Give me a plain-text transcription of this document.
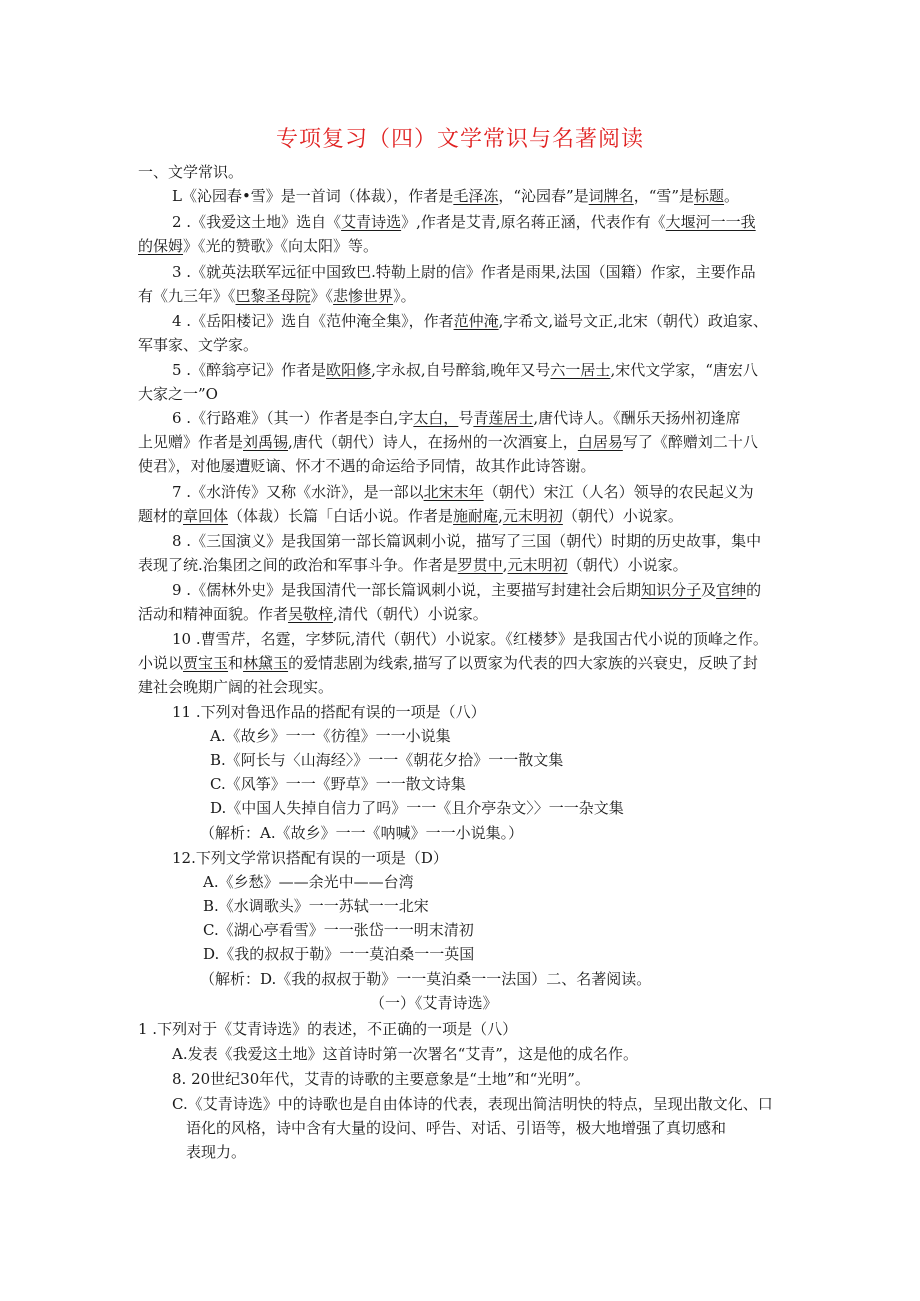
专项复习（四）文学常识与名著阅读
一、文学常识。
L《沁园春•雪》是一首词（体裁），作者是毛泽冻，“沁园春”是词牌名，“雪”是标题。
2 .《我爱这土地》选自《艾青诗选》,作者是艾青,原名蒋正涵，代表作有《大堰河一一我
的保姆》《光的赞歌》《向太阳》等。
3 .《就英法联军远征中国致巴.特勒上尉的信》作者是雨果,法国（国籍）作家，主要作品
有《九三年》《巴黎圣母院》《悲惨世界》。
4 .《岳阳楼记》选自《范仲淹全集》，作者范仲淹,字希文,谥号文正,北宋（朝代）政追家、
军事家、文学家。
5 .《醉翁亭记》作者是欧阳修,字永叔,自号醉翁,晚年又号六一居士,宋代文学家，“唐宏八
大家之一”O
6 .《行路难》（其一）作者是李白,字太白，号青莲居士,唐代诗人。《酬乐天扬州初逢席
上见赠》作者是刘禹锡,唐代（朝代）诗人，在扬州的一次酒宴上，白居易写了《醉赠刘二十八
使君》，对他屡遭贬谪、怀才不遇的命运给予同情，故其作此诗答谢。
7 .《水浒传》又称《水浒》，是一部以北宋末年（朝代）宋江（人名）领导的农民起义为
题材的章回体（体裁）长篇「白话小说。作者是施耐庵,元末明初（朝代）小说家。
8 .《三国演义》是我国第一部长篇讽刺小说，描写了三国（朝代）时期的历史故事，集中
表现了统.治集团之间的政治和军事斗争。作者是罗贯中,元末明初（朝代）小说家。
9 .《儒林外史》是我国清代一部长篇讽刺小说，主要描写封建社会后期知识分子及官绅的
活动和精神面貌。作者吴敬梓,清代（朝代）小说家。
10 .曹雪芹，名霆，字梦阮,清代（朝代）小说家。《红楼梦》是我国古代小说的顶峰之作。
小说以贾宝玉和林黛玉的爱情悲剧为线索,描写了以贾家为代表的四大家族的兴衰史，反映了封
建社会晚期广阔的社会现实。
11 .下列对鲁迅作品的搭配有误的一项是（八）
A.《故乡》一一《彷徨》一一小说集
B.《阿长与〈山海经〉》一一《朝花夕拾》一一散文集
C.《风筝》一一《野草》一一散文诗集
D.《中国人失掉自信力了吗》一一《且介亭杂文〉〉一一杂文集
（解析：A.《故乡》一一《呐喊》一一小说集。）
12.下列文学常识搭配有误的一项是（D）
A.《乡愁》——余光中——台湾
B.《水调歌头》一一苏轼一一北宋
C.《湖心亭看雪》一一张岱一一明末清初
D.《我的叔叔于勒》一一莫泊桑一一英国
（解析：D.《我的叔叔于勒》一一莫泊桑一一法国）二、名著阅读。
（一）《艾青诗选》
1 .下列对于《艾青诗选》的表述，不正确的一项是（八）
A.发表《我爱这土地》这首诗时第一次署名“艾青”，这是他的成名作。
8. 20世纪30年代，艾青的诗歌的主要意象是“土地”和“光明”。
C.《艾青诗选》中的诗歌也是自由体诗的代表，表现出简洁明快的特点，呈现出散文化、口
语化的风格，诗中含有大量的设问、呼告、对话、引语等，极大地增强了真切感和
表现力。
